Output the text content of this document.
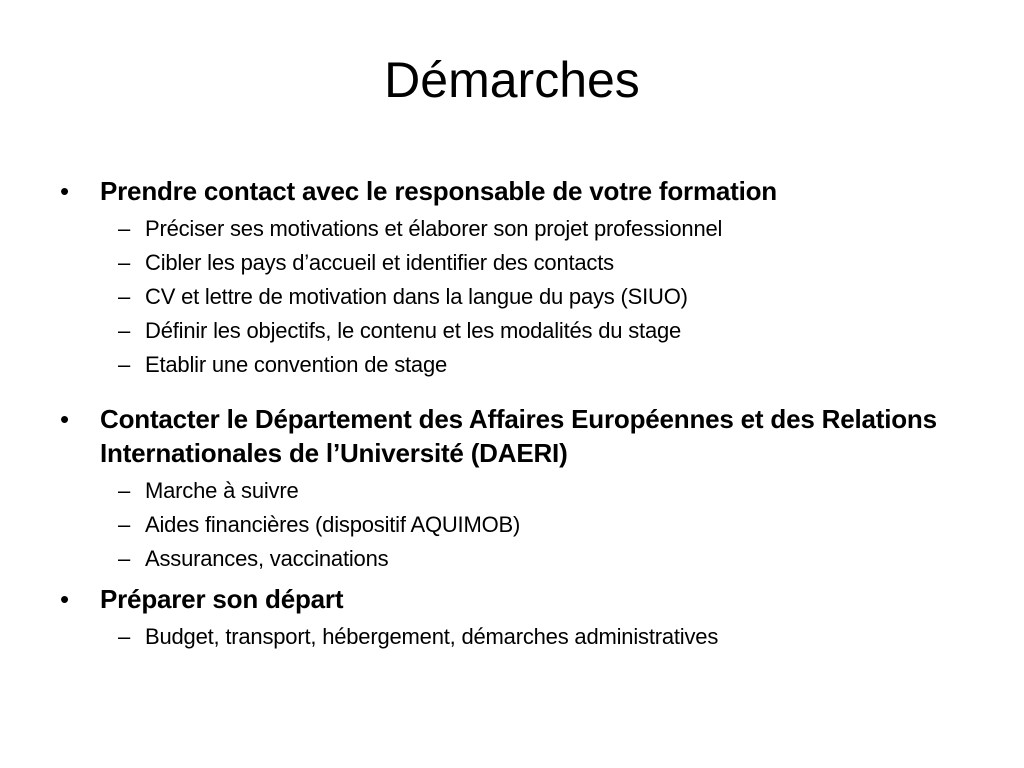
Démarches
• Prendre contact avec le responsable de votre formation
– Préciser ses motivations et élaborer son projet professionnel
– Cibler les pays d’accueil et identifier des contacts
– CV et lettre de motivation dans la langue du pays (SIUO)
– Définir les objectifs, le contenu et les modalités du stage
– Etablir une convention de stage
• Contacter le Département des Affaires Européennes et des Relations Internationales de l’Université (DAERI)
– Marche à suivre
– Aides financières (dispositif AQUIMOB)
– Assurances, vaccinations
• Préparer son départ
– Budget, transport, hébergement, démarches administratives
